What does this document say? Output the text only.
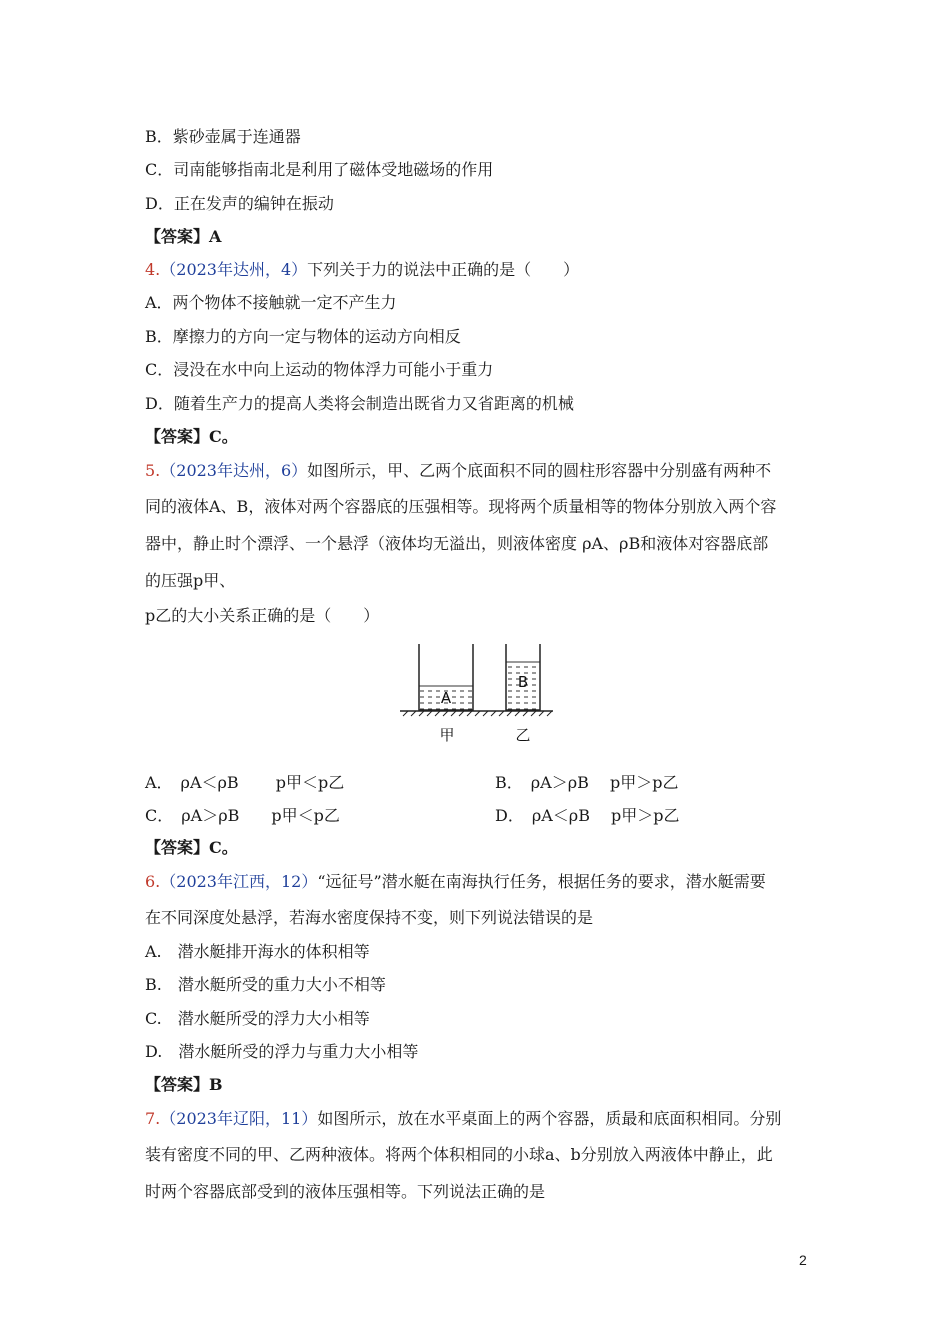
B．紫砂壶属于连通器
C．司南能够指南北是利用了磁体受地磁场的作用
D．正在发声的编钟在振动
【答案】A
4.（2023年达州，4）下列关于力的说法中正确的是（　　）
A．两个物体不接触就一定不产生力
B．摩擦力的方向一定与物体的运动方向相反
C．浸没在水中向上运动的物体浮力可能小于重力
D．随着生产力的提高人类将会制造出既省力又省距离的机械
【答案】C。
5.（2023年达州，6）如图所示，甲、乙两个底面积不同的圆柱形容器中分别盛有两种不
同的液体A、B，液体对两个容器底的压强相等。现将两个质量相等的物体分别放入两个容
器中，静止时个漂浮、一个悬浮（液体均无溢出，则液体密度 ρA、ρB和液体对容器底部
的压强p甲、
p乙的大小关系正确的是（　　）
A
B
甲	乙
A．　ρA＜ρB　　 p甲＜p乙	B．　ρA＞ρB　 p甲＞p乙
C．　ρA＞ρB　　p甲＜p乙	D．　ρA＜ρB　 p甲＞p乙
【答案】C。
6.（2023年江西，12）“远征号”潜水艇在南海执行任务，根据任务的要求，潜水艇需要
在不同深度处悬浮，若海水密度保持不变，则下列说法错误的是
A.　潜水艇排开海水的体积相等
B.　潜水艇所受的重力大小不相等
C.　潜水艇所受的浮力大小相等
D.　潜水艇所受的浮力与重力大小相等
【答案】B
7.（2023年辽阳，11）如图所示，放在水平桌面上的两个容器，质最和底面积相同。分别
装有密度不同的甲、乙两种液体。将两个体积相同的小球a、b分别放入两液体中静止，此
时两个容器底部受到的液体压强相等。下列说法正确的是
2
